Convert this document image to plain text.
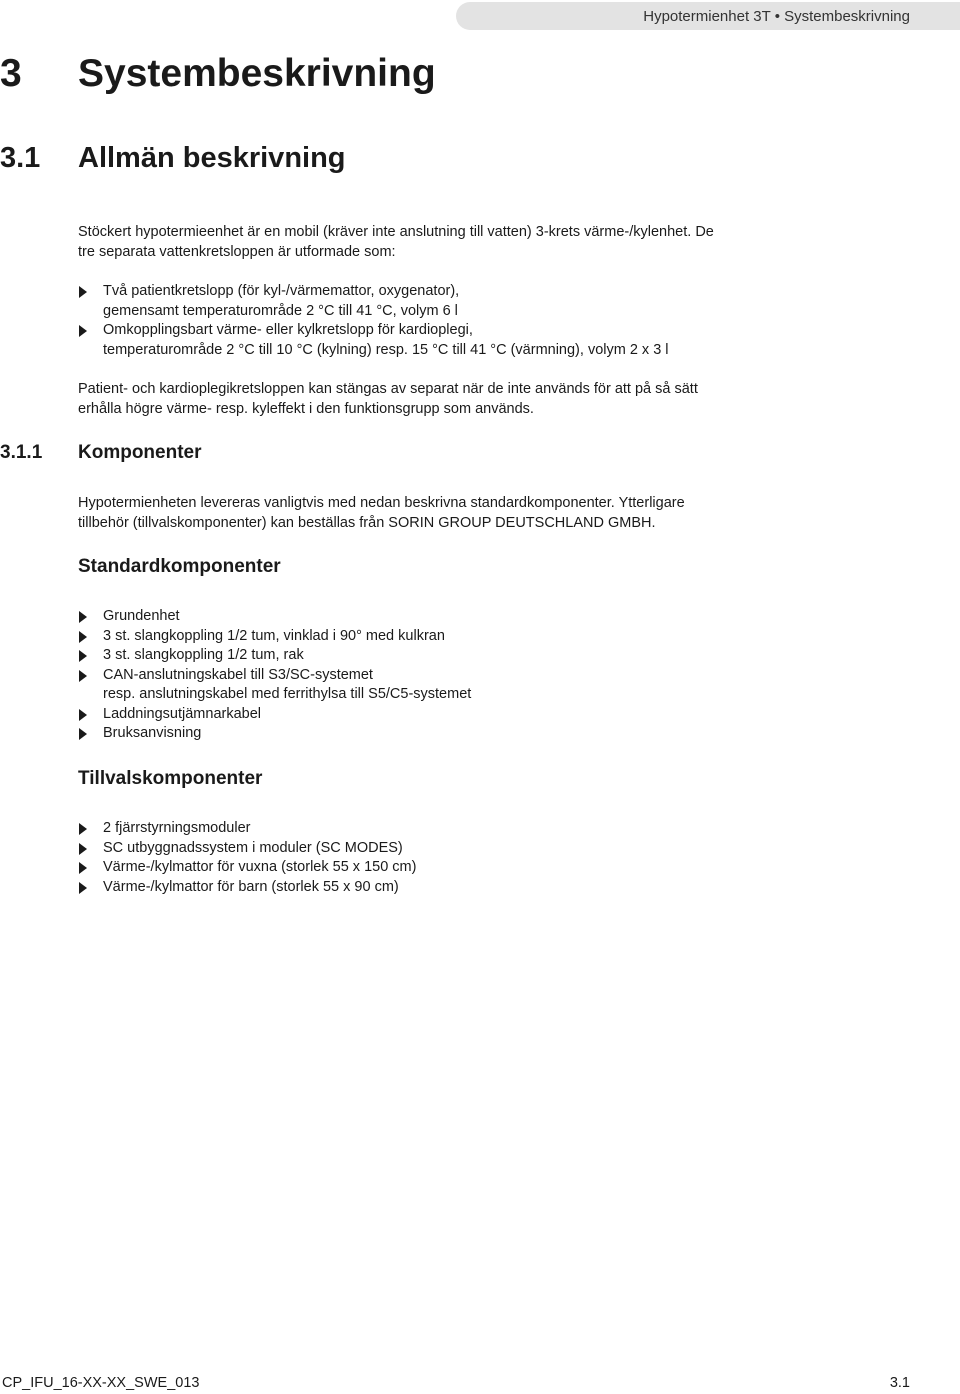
Hypotermienhet 3T • Systembeskrivning
3 Systembeskrivning
3.1 Allmän beskrivning

Stöckert hypotermieenhet är en mobil (kräver inte anslutning till vatten) 3-krets värme-/kylenhet. De
tre separata vattenkretsloppen är utformade som:

Två patientkretslopp (för kyl-/värmemattor, oxygenator),
gemensamt temperaturområde 2 °C till 41 °C, volym 6 l
Omkopplingsbart värme- eller kylkretslopp för kardioplegi,
temperaturområde 2 °C till 10 °C (kylning) resp. 15 °C till 41 °C (värmning), volym 2 x 3 l

Patient- och kardioplegikretsloppen kan stängas av separat när de inte används för att på så sätt
erhålla högre värme- resp. kyleffekt i den funktionsgrupp som används.

3.1.1 Komponenter

Hypotermienheten levereras vanligtvis med nedan beskrivna standardkomponenter. Ytterligare
tillbehör (tillvalskomponenter) kan beställas från SORIN GROUP DEUTSCHLAND GMBH.

Standardkomponenter
Grundenhet
3 st. slangkoppling 1/2 tum, vinklad i 90° med kulkran
3 st. slangkoppling 1/2 tum, rak
CAN-anslutningskabel till S3/SC-systemet
resp. anslutningskabel med ferrithylsa till S5/C5-systemet
Laddningsutjämnarkabel
Bruksanvisning
Tillvalskomponenter
2 fjärrstyrningsmoduler
SC utbyggnadssystem i moduler (SC MODES)
Värme-/kylmattor för vuxna (storlek 55 x 150 cm)
Värme-/kylmattor för barn (storlek 55 x 90 cm)
CP_IFU_16-XX-XX_SWE_013	3.1
